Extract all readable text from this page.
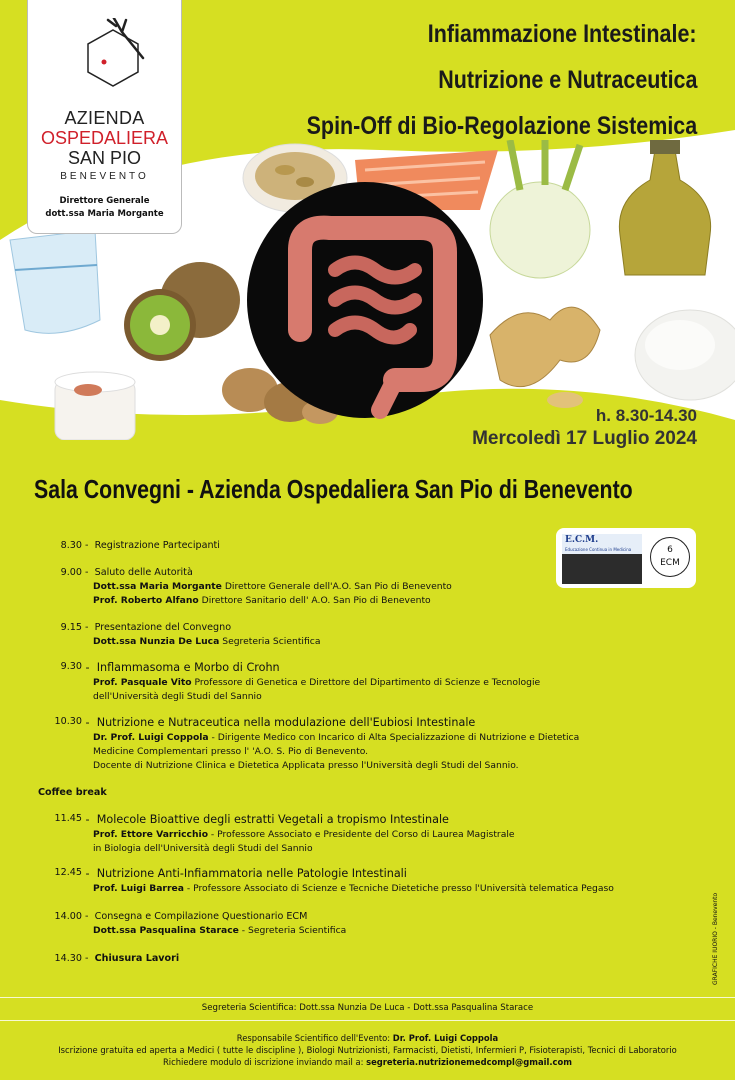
AZIENDA
OSPEDALIERA
SAN PIO
BENEVENTO
Direttore Generale
dott.ssa Maria Morgante
Infiammazione Intestinale:
Nutrizione e Nutraceutica
Spin-Off di Bio-Regolazione Sistemica
h. 8.30-14.30
Mercoledì 17 Luglio 2024
Sala Convegni - Azienda Ospedaliera San Pio di Benevento
E.C.M.
Educazione Continua in Medicina	6
ECM
8.30 -  Registrazione Partecipanti
9.00 -  Saluto delle Autorità
Dott.ssa Maria Morgante Direttore Generale dell'A.O. San Pio di Benevento
Prof. Roberto Alfano Direttore Sanitario dell' A.O. San Pio di Benevento
9.15 -  Presentazione del Convegno
Dott.ssa Nunzia De Luca Segreteria Scientifica
9.30 -  Inflammasoma e Morbo di Crohn
Prof. Pasquale Vito Professore di Genetica e Direttore del Dipartimento di Scienze e Tecnologie
dell'Università degli Studi del Sannio
10.30 -  Nutrizione e Nutraceutica nella modulazione dell'Eubiosi Intestinale
Dr. Prof. Luigi Coppola - Dirigente Medico con Incarico di Alta Specializzazione di Nutrizione e Dietetica
Medicine Complementari presso l' 'A.O. S. Pio di Benevento.
Docente di Nutrizione Clinica e Dietetica Applicata presso l'Università degli Studi del Sannio.
Coffee break
11.45 -  Molecole Bioattive degli estratti Vegetali a tropismo Intestinale
Prof. Ettore Varricchio - Professore Associato e Presidente del Corso di Laurea Magistrale
in Biologia dell'Università degli Studi del Sannio
12.45 -  Nutrizione Anti-Infiammatoria nelle Patologie Intestinali
Prof. Luigi Barrea - Professore Associato di Scienze e Tecniche Dietetiche presso l'Università telematica Pegaso
14.00 -  Consegna e Compilazione Questionario ECM
Dott.ssa Pasqualina Starace - Segreteria Scientifica
14.30 -  Chiusura Lavori	GRAFICHE IUORIO - Benevento
Segreteria Scientifica: Dott.ssa Nunzia De Luca - Dott.ssa Pasqualina Starace
Responsabile Scientifico dell'Evento: Dr. Prof. Luigi Coppola
Iscrizione gratuita ed aperta a Medici ( tutte le discipline ), Biologi Nutrizionisti, Farmacisti, Dietisti, Infermieri P, Fisioterapisti, Tecnici di Laboratorio
Richiedere modulo di iscrizione inviando mail a: segreteria.nutrizionemedcompl@gmail.com
